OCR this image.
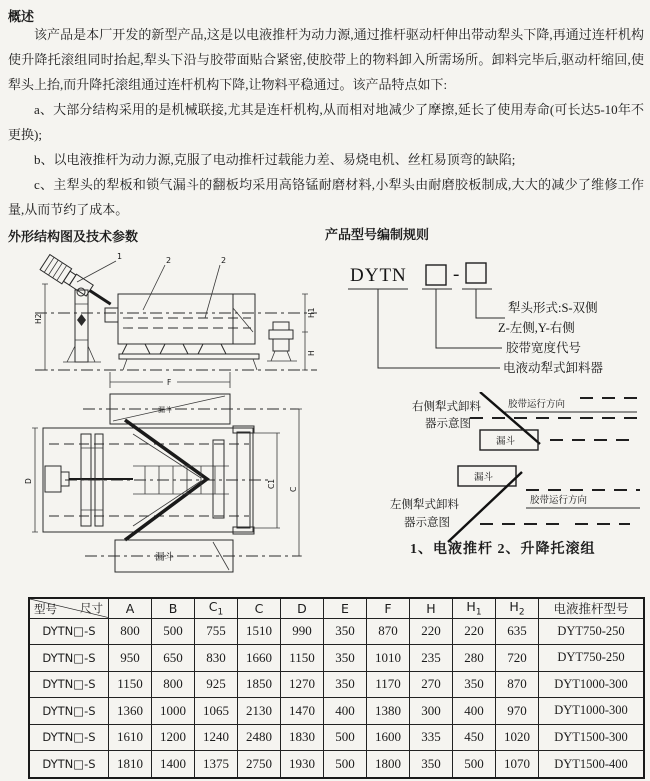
概述

该产品是本厂开发的新型产品,这是以电液推杆为动力源,通过推杆驱动杆伸出带动犁头下降,再通过连杆机构使升降托滚组同时抬起,犁头下沿与胶带面贴合紧密,使胶带上的物料卸入所需场所。卸料完毕后,驱动杆缩回,使犁头上抬,而升降托滚组通过连杆机构下降,让物料平稳通过。该产品特点如下:

a、大部分结构采用的是机械联接,尤其是连杆机构,从而相对地减少了摩擦,延长了使用寿命(可长达5-10年不更换);

b、以电液推杆为动力源,克服了电动推杆过载能力差、易烧电机、丝杠易顶弯的缺陷;

c、主犁头的犁板和锁气漏斗的翻板均采用高铬锰耐磨材料,小犁头由耐磨胶板制成,大大的减少了维修工作量,从而节约了成本。

外形结构图及技术参数	产品型号编制规则
1	2	2
H2
H1
H
F
漏斗
漏斗
D	C1
C
DYTN -
犁头形式:S-双侧
Z-左侧,Y-右侧
胶带宽度代号
电液动犁式卸料器
右侧犁式卸料
器示意图
胶带运行方向
漏斗
漏斗
左侧犁式卸料
器示意图
胶带运行方向
1、电液推杆 2、升降托滚组
尺寸
型号	A	B	$C_1$	C	D	E	F	H	$H_1$	$H_2$	电液推杆型号
DYTN□-S	800	500	755	1510	990	350	870	220	220	635	DYT750-250
DYTN□-S	950	650	830	1660	1150	350	1010	235	280	720	DYT750-250
DYTN□-S	1150	800	925	1850	1270	350	1170	270	350	870	DYT1000-300
DYTN□-S	1360	1000	1065	2130	1470	400	1380	300	400	970	DYT1000-300
DYTN□-S	1610	1200	1240	2480	1830	500	1600	335	450	1020	DYT1500-300
DYTN□-S	1810	1400	1375	2750	1930	500	1800	350	500	1070	DYT1500-400
